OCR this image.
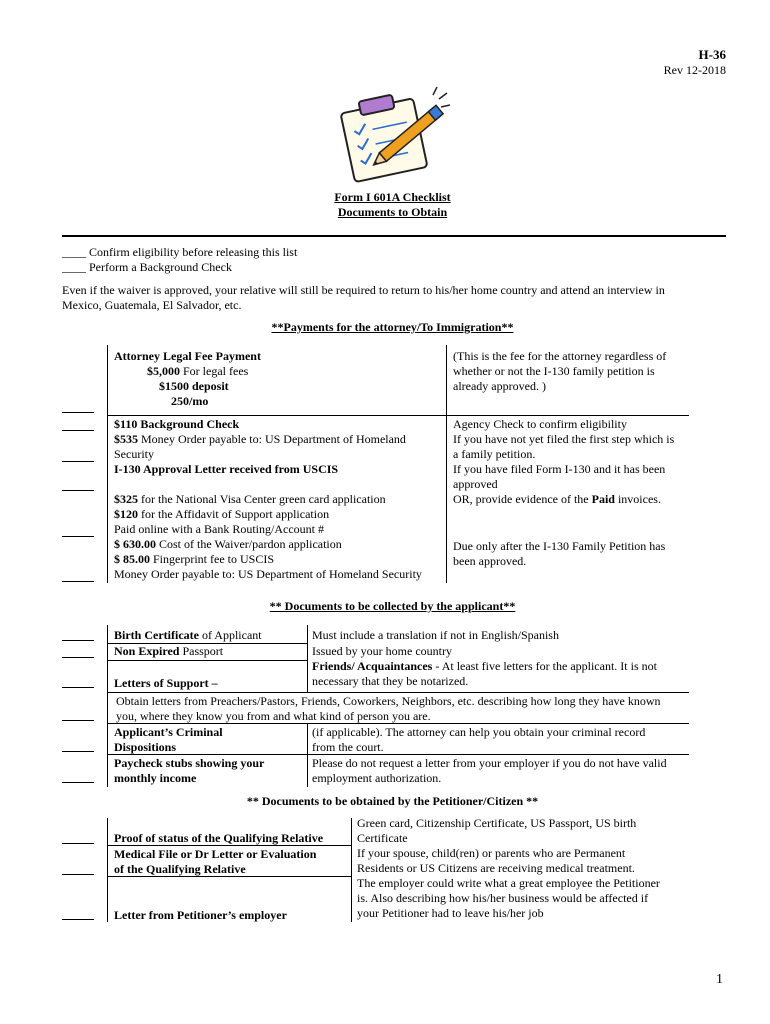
H-36
Rev 12-2018
Form I 601A Checklist
Documents to Obtain
____ Confirm eligibility before releasing this list
____ Perform a Background Check
Even if the waiver is approved, your relative will still be required to return to his/her home country and attend an interview in
Mexico, Guatemala, El Salvador, etc.
**Payments for the attorney/To Immigration**
Attorney Legal Fee Payment
$5,000 For legal fees
$1500 deposit
250/mo
(This is the fee for the attorney regardless of
whether or not the I-130 family petition is
already approved. )
$110 Background Check
$535 Money Order payable to: US Department of Homeland
Security
I-130 Approval Letter received from USCIS
$325 for the National Visa Center green card application
$120 for the Affidavit of Support application
Paid online with a Bank Routing/Account #
$ 630.00 Cost of the Waiver/pardon application
$ 85.00 Fingerprint fee to USCIS
Money Order payable to: US Department of Homeland Security
Agency Check to confirm eligibility
If you have not yet filed the first step which is
a family petition.
If you have filed Form I-130 and it has been
approved
OR, provide evidence of the Paid invoices.
Due only after the I-130 Family Petition has
been approved.
** Documents to be collected by the applicant**
Birth Certificate of Applicant
Non Expired Passport
Letters of Support –
Must include a translation if not in English/Spanish
Issued by your home country
Friends/ Acquaintances - At least five letters for the applicant. It is not
necessary that they be notarized.
Obtain letters from Preachers/Pastors, Friends, Coworkers, Neighbors, etc. describing how long they have known
you, where they know you from and what kind of person you are.
Applicant’s Criminal
Dispositions
(if applicable). The attorney can help you obtain your criminal record
from the court.
Paycheck stubs showing your
monthly income
Please do not request a letter from your employer if you do not have valid
employment authorization.
** Documents to be obtained by the Petitioner/Citizen **
Proof of status of the Qualifying Relative
Medical File or Dr Letter or Evaluation
of the Qualifying Relative
Letter from Petitioner’s employer
Green card, Citizenship Certificate, US Passport, US birth
Certificate
If your spouse, child(ren) or parents who are Permanent
Residents or US Citizens are receiving medical treatment.
The employer could write what a great employee the Petitioner
is. Also describing how his/her business would be affected if
your Petitioner had to leave his/her job
1
